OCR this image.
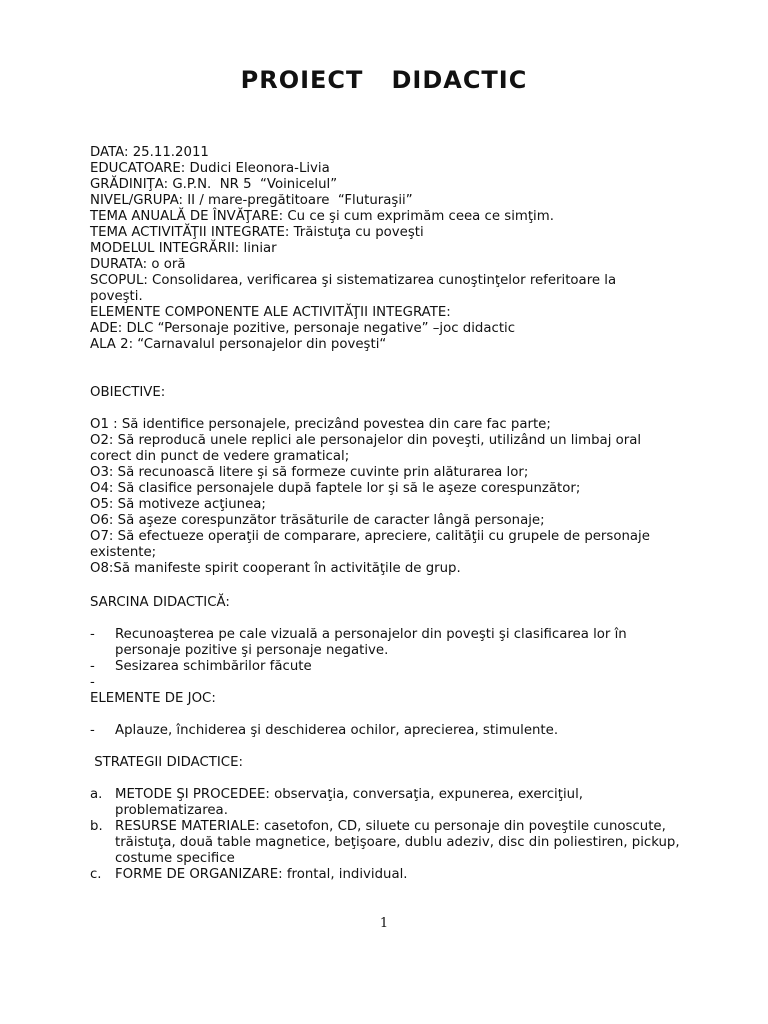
PROIECT   DIDACTIC
DATA: 25.11.2011
EDUCATOARE: Dudici Eleonora-Livia
GRĂDINIŢA: G.P.N.  NR 5  “Voinicelul”
NIVEL/GRUPA: II / mare-pregătitoare  “Fluturaşii”
TEMA ANUALĂ DE ÎNVĂŢARE: Cu ce şi cum exprimăm ceea ce simţim.
TEMA ACTIVITĂŢII INTEGRATE: Trăistuţa cu poveşti
MODELUL INTEGRĂRII: liniar
DURATA: o oră
SCOPUL: Consolidarea, verificarea şi sistematizarea cunoştinţelor referitoare la
poveşti.
ELEMENTE COMPONENTE ALE ACTIVITĂŢII INTEGRATE:
ADE: DLC “Personaje pozitive, personaje negative” –joc didactic
ALA 2: “Carnavalul personajelor din poveşti“
OBIECTIVE:
O1 : Să identifice personajele, precizând povestea din care fac parte;
O2: Să reproducă unele replici ale personajelor din poveşti, utilizând un limbaj oral
corect din punct de vedere gramatical;
O3: Să recunoască litere şi să formeze cuvinte prin alăturarea lor;
O4: Să clasifice personajele după faptele lor şi să le aşeze corespunzător;
O5: Să motiveze acţiunea;
O6: Să aşeze corespunzător trăsăturile de caracter lângă personaje;
O7: Să efectueze operaţii de comparare, apreciere, calităţii cu grupele de personaje
existente;
O8:Să manifeste spirit cooperant în activităţile de grup.
SARCINA DIDACTICĂ:
-	Recunoaşterea pe cale vizuală a personajelor din poveşti şi clasificarea lor în personaje pozitive şi personaje negative.
-	Sesizarea schimbărilor făcute
-
ELEMENTE DE JOC:
-	Aplauze, închiderea şi deschiderea ochilor, aprecierea, stimulente.
STRATEGII DIDACTICE:
a. METODE ŞI PROCEDEE: observaţia, conversaţia, expunerea, exerciţiul, problematizarea.
b. RESURSE MATERIALE: casetofon, CD, siluete cu personaje din poveştile cunoscute, trăistuţa, două table magnetice, beţişoare, dublu adeziv, disc din poliestiren, pickup, costume specifice
c.	FORME DE ORGANIZARE: frontal, individual.
1
